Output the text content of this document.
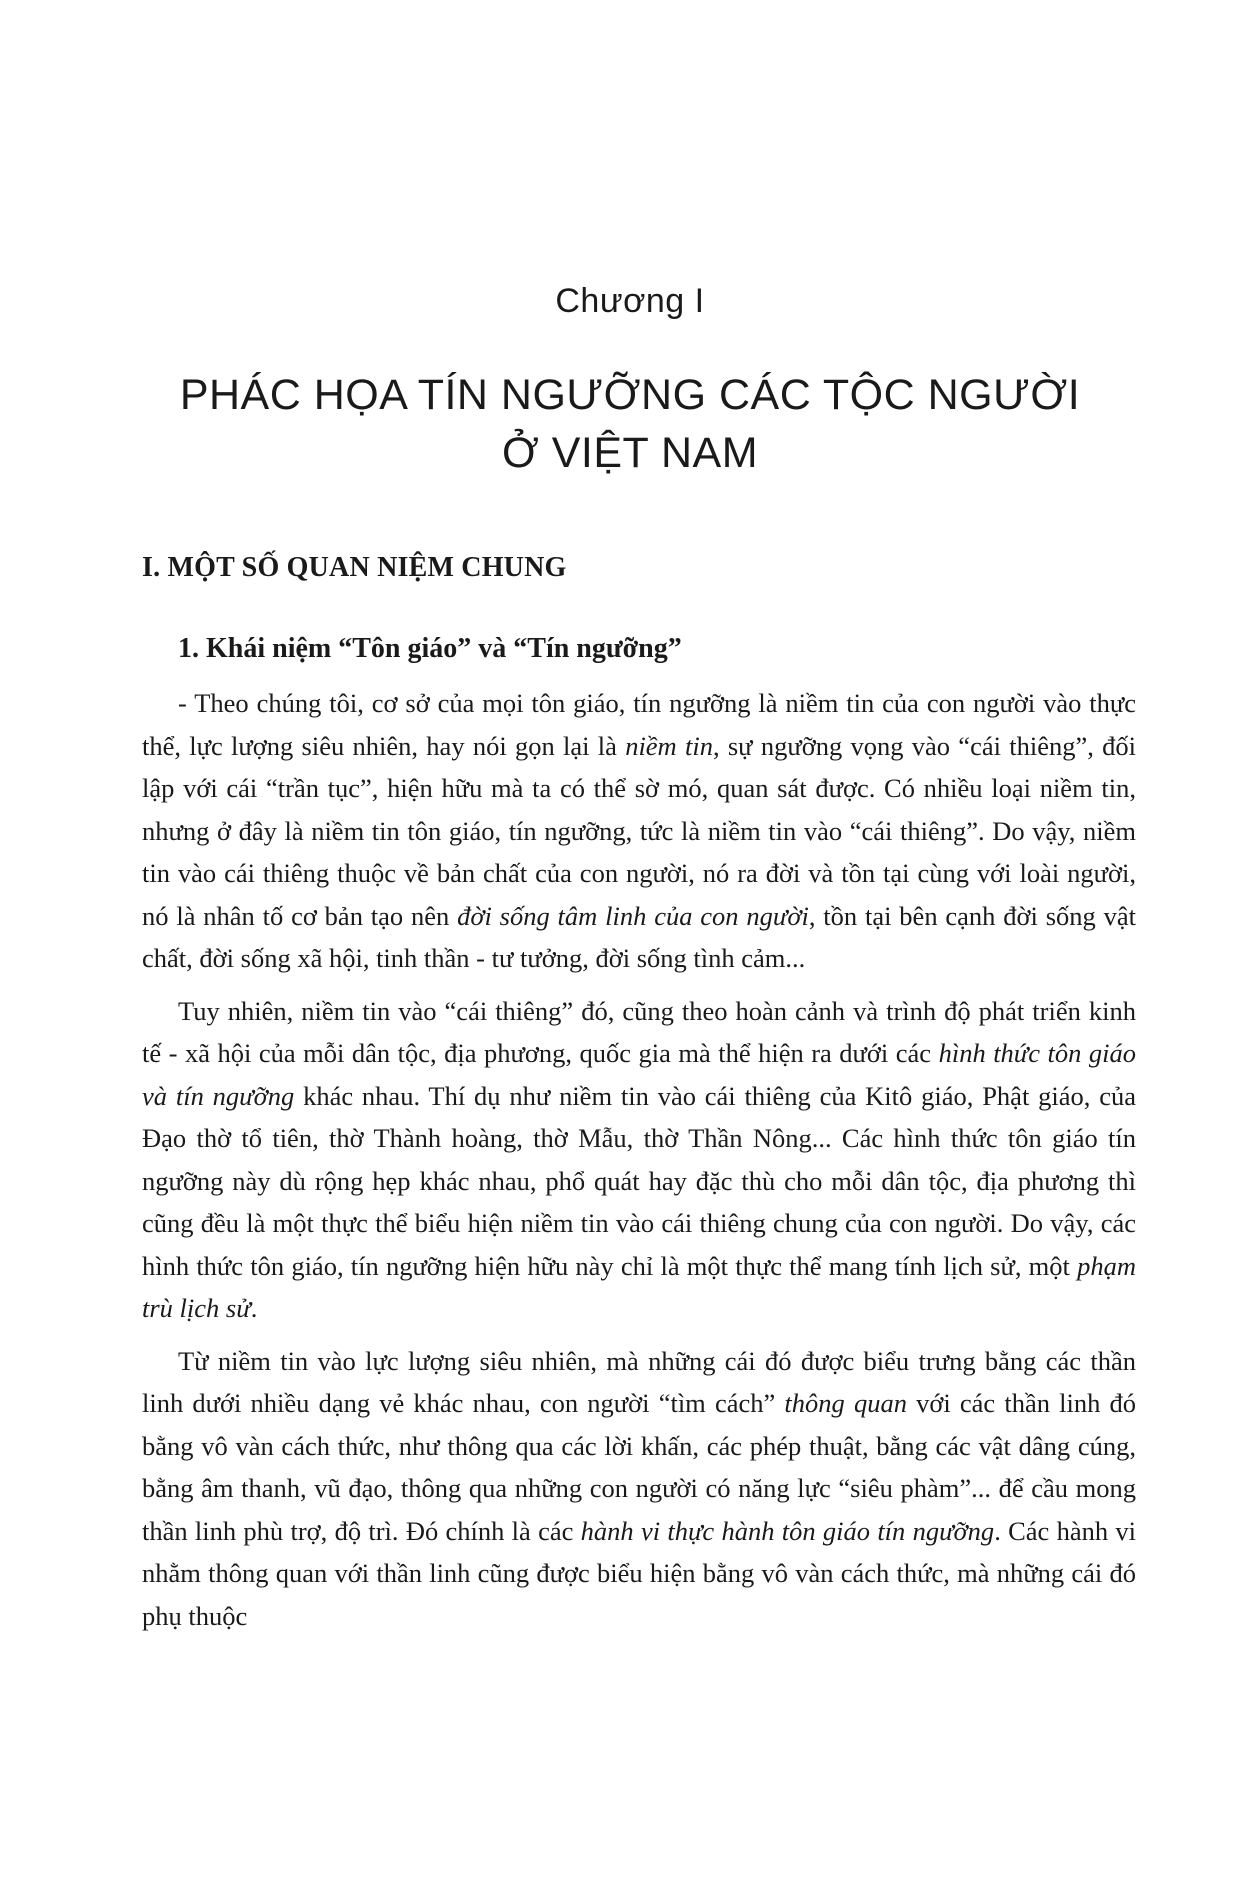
Chương I
PHÁC HỌA TÍN NGƯỠNG CÁC TỘC NGƯỜI
Ở VIỆT NAM
I. MỘT SỐ QUAN NIỆM CHUNG
1. Khái niệm “Tôn giáo” và “Tín ngưỡng”

- Theo chúng tôi, cơ sở của mọi tôn giáo, tín ngưỡng là niềm tin của con người vào thực thể, lực lượng siêu nhiên, hay nói gọn lại là niềm tin, sự ngưỡng vọng vào “cái thiêng”, đối lập với cái “trần tục”, hiện hữu mà ta có thể sờ mó, quan sát được. Có nhiều loại niềm tin, nhưng ở đây là niềm tin tôn giáo, tín ngưỡng, tức là niềm tin vào “cái thiêng”. Do vậy, niềm tin vào cái thiêng thuộc về bản chất của con người, nó ra đời và tồn tại cùng với loài người, nó là nhân tố cơ bản tạo nên đời sống tâm linh của con người, tồn tại bên cạnh đời sống vật chất, đời sống xã hội, tinh thần - tư tưởng, đời sống tình cảm...

Tuy nhiên, niềm tin vào “cái thiêng” đó, cũng theo hoàn cảnh và trình độ phát triển kinh tế - xã hội của mỗi dân tộc, địa phương, quốc gia mà thể hiện ra dưới các hình thức tôn giáo và tín ngưỡng khác nhau. Thí dụ như niềm tin vào cái thiêng của Kitô giáo, Phật giáo, của Đạo thờ tổ tiên, thờ Thành hoàng, thờ Mẫu, thờ Thần Nông... Các hình thức tôn giáo tín ngưỡng này dù rộng hẹp khác nhau, phổ quát hay đặc thù cho mỗi dân tộc, địa phương thì cũng đều là một thực thể biểu hiện niềm tin vào cái thiêng chung của con người. Do vậy, các hình thức tôn giáo, tín ngưỡng hiện hữu này chỉ là một thực thể mang tính lịch sử, một phạm trù lịch sử.

Từ niềm tin vào lực lượng siêu nhiên, mà những cái đó được biểu trưng bằng các thần linh dưới nhiều dạng vẻ khác nhau, con người “tìm cách” thông quan với các thần linh đó bằng vô vàn cách thức, như thông qua các lời khấn, các phép thuật, bằng các vật dâng cúng, bằng âm thanh, vũ đạo, thông qua những con người có năng lực “siêu phàm”... để cầu mong thần linh phù trợ, độ trì. Đó chính là các hành vi thực hành tôn giáo tín ngưỡng. Các hành vi nhằm thông quan với thần linh cũng được biểu hiện bằng vô vàn cách thức, mà những cái đó phụ thuộc
